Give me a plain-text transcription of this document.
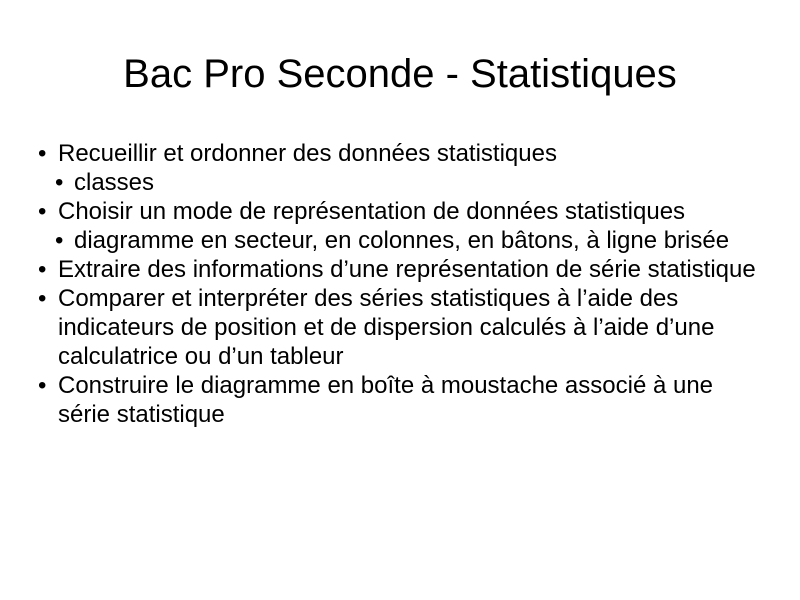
Bac Pro Seconde - Statistiques
• Recueillir et ordonner des données statistiques
• classes
• Choisir un mode de représentation de données statistiques
• diagramme en secteur, en colonnes, en bâtons, à ligne brisée
• Extraire des informations d’une représentation de série statistique
• Comparer et interpréter des séries statistiques à l’aide des indicateurs de position et de dispersion calculés à l’aide d’une calculatrice ou d’un tableur
• Construire le diagramme en boîte à moustache associé à une série statistique
